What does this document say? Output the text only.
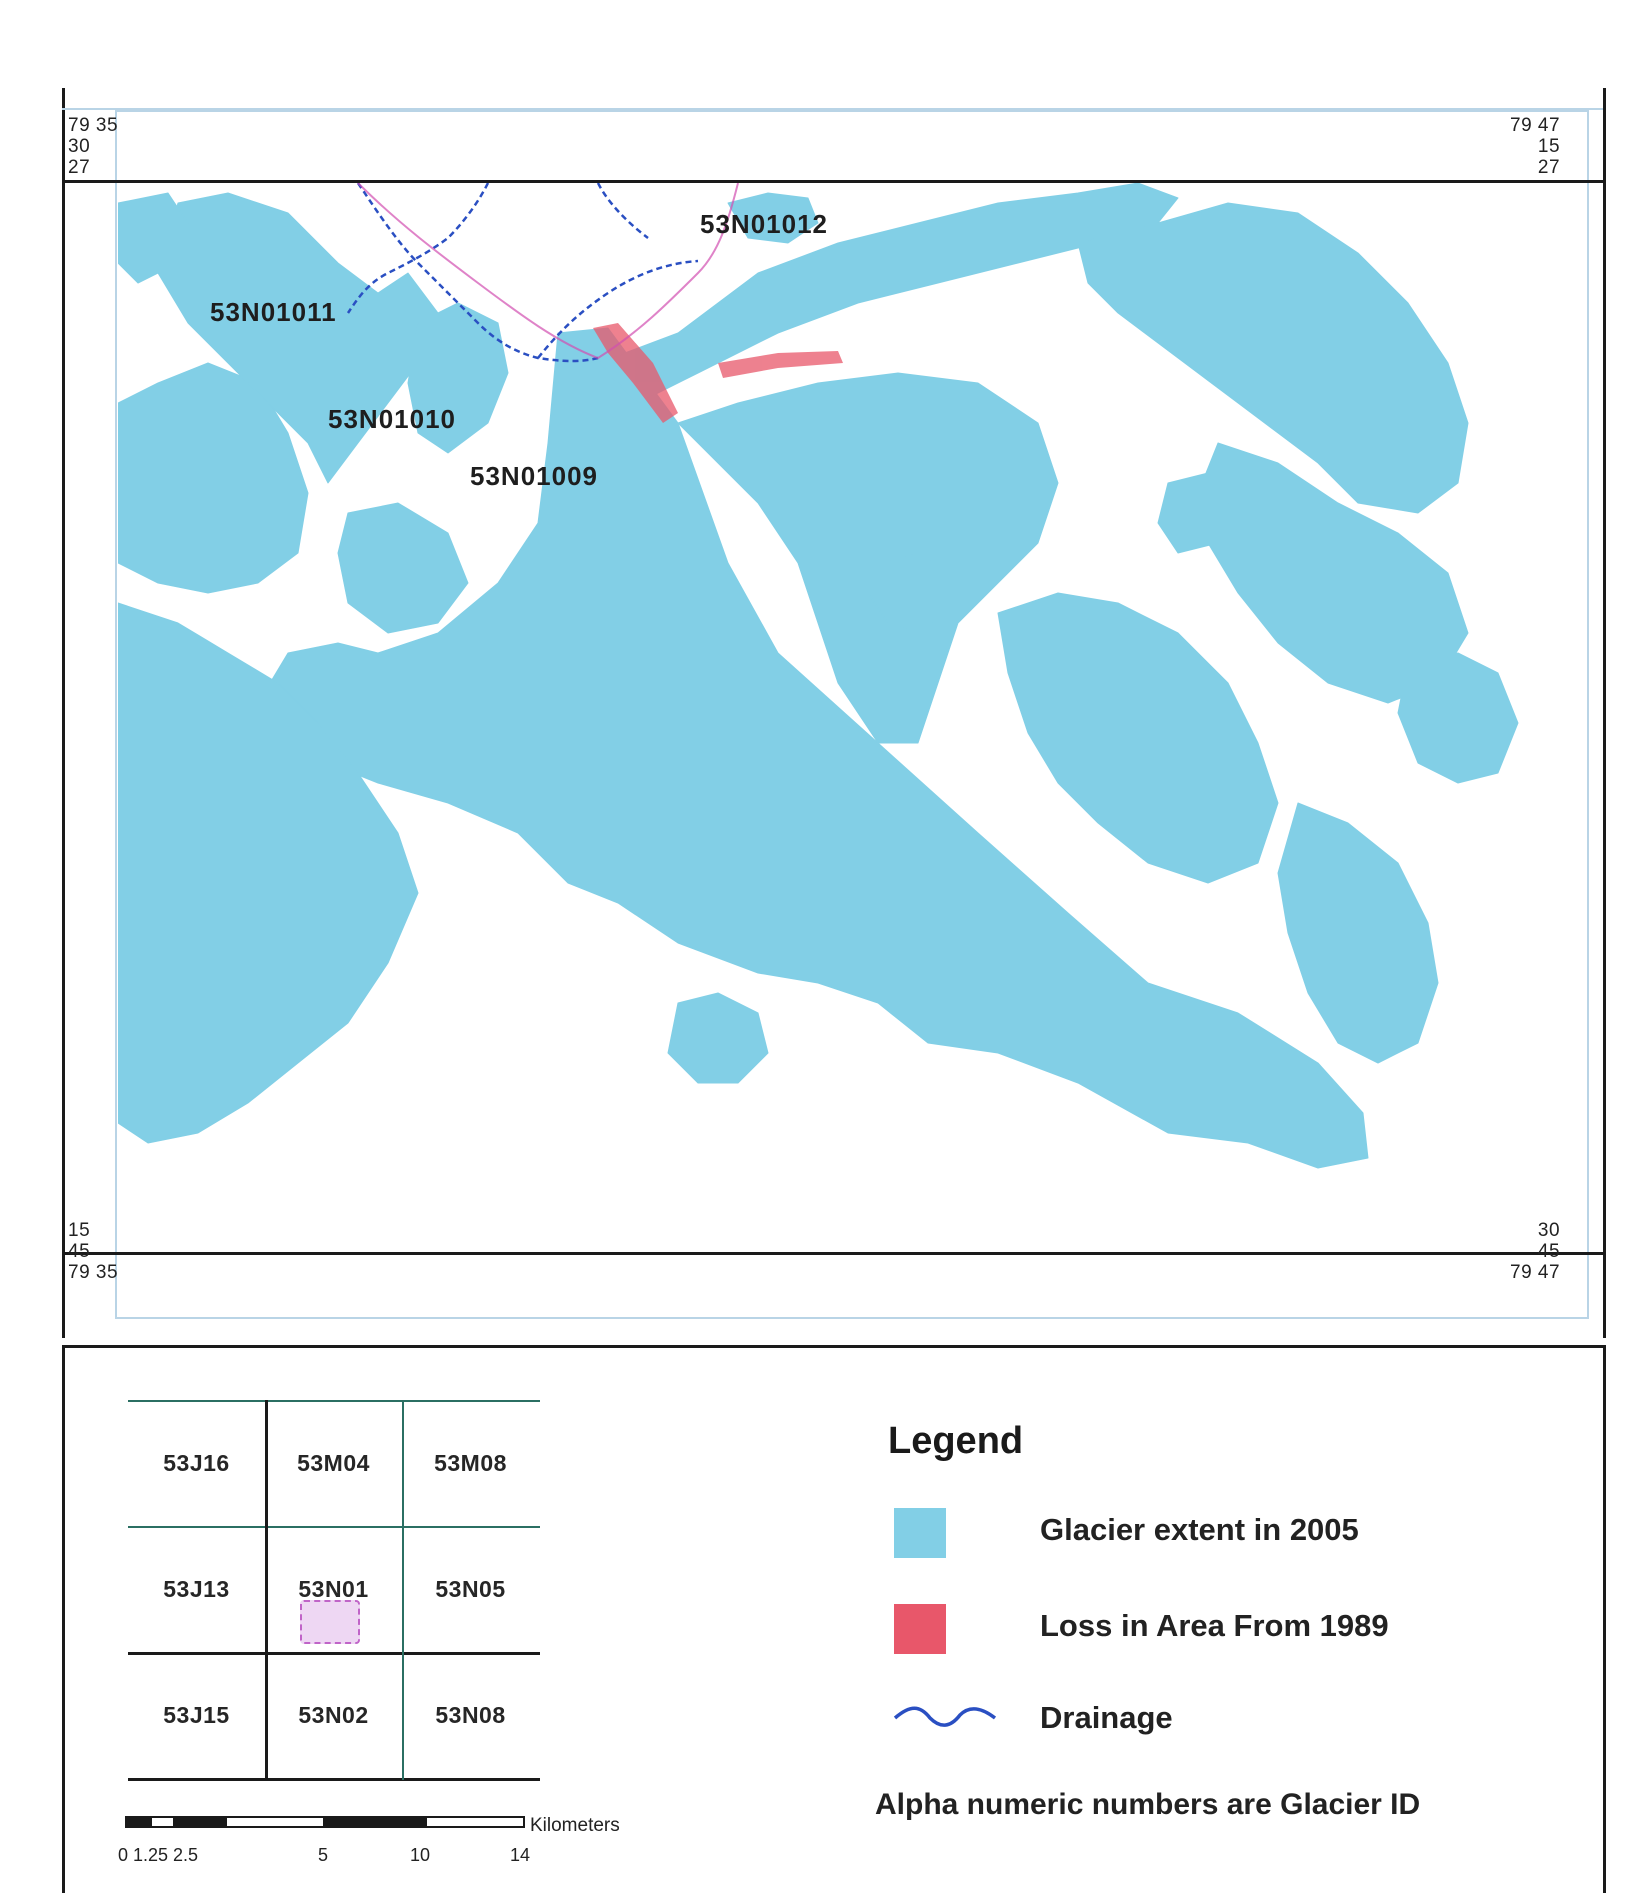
79 35
30
27
79 47
15
27
15
45
79 35
30
45
79 47
53N01012
53N01011
53N01010
53N01009
53J16	53M04	53M08
53J13	53N01	53N05
53J15	53N02	53N08
0 1.25 2.5	5	10	14
Kilometers
Legend
Glacier extent in 2005
Loss in Area From 1989
Drainage
Alpha numeric numbers are Glacier ID
